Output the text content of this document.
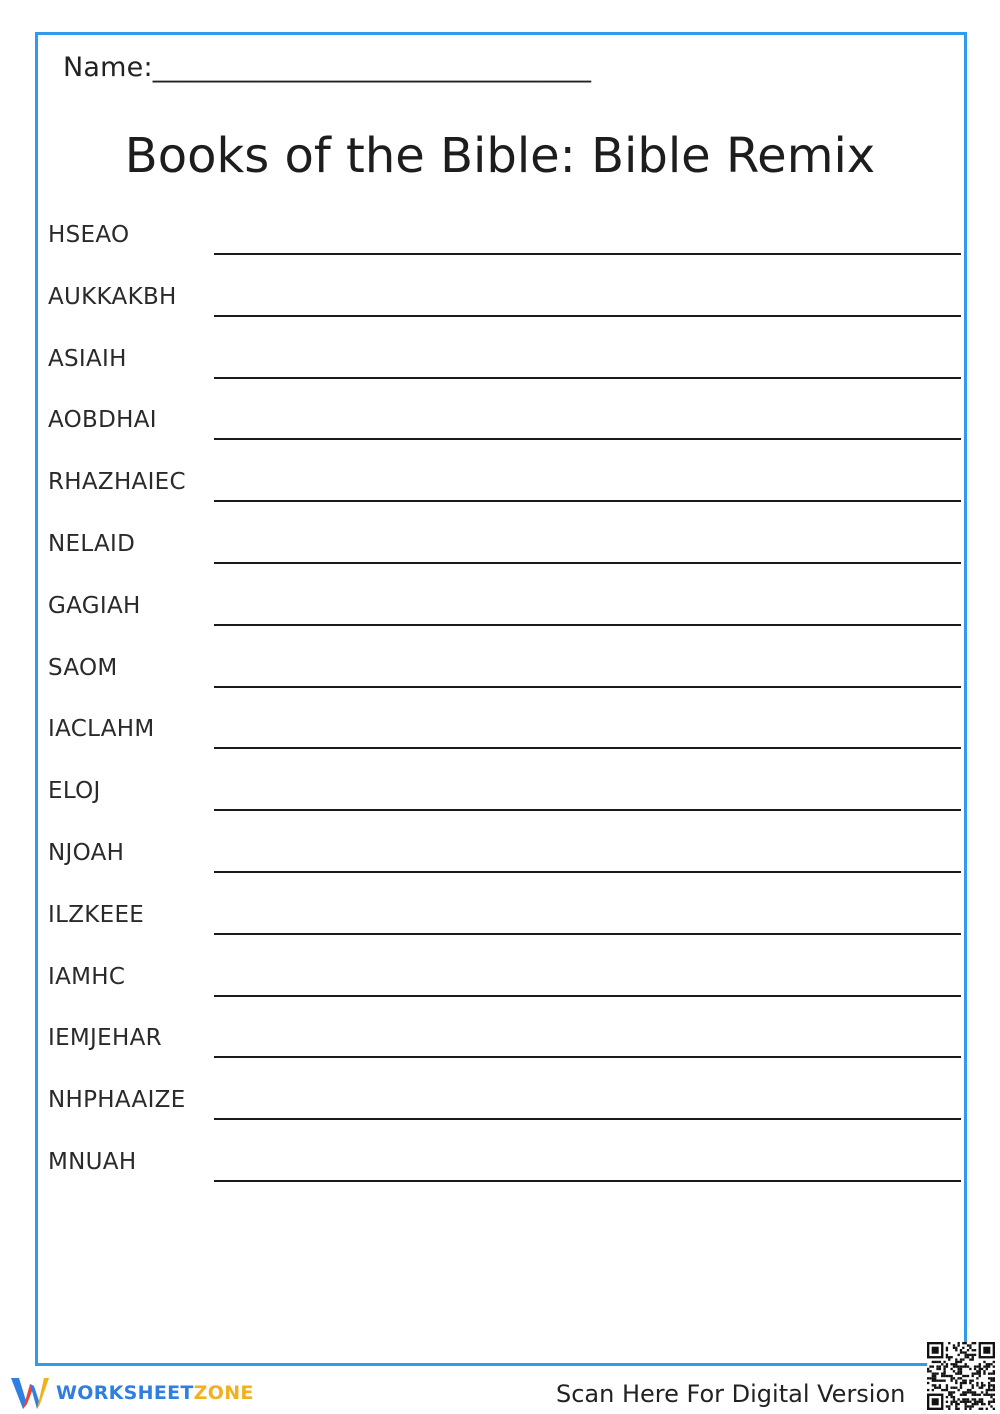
Name:________________________________
Books of the Bible: Bible Remix
HSEAO
AUKKAKBH
ASIAIH
AOBDHAI
RHAZHAIEC
NELAID
GAGIAH
SAOM
IACLAHM
ELOJ
NJOAH
ILZKEEE
IAMHC
IEMJEHAR
NHPHAAIZE
MNUAH
WORKSHEETZONE	Scan Here For Digital Version
